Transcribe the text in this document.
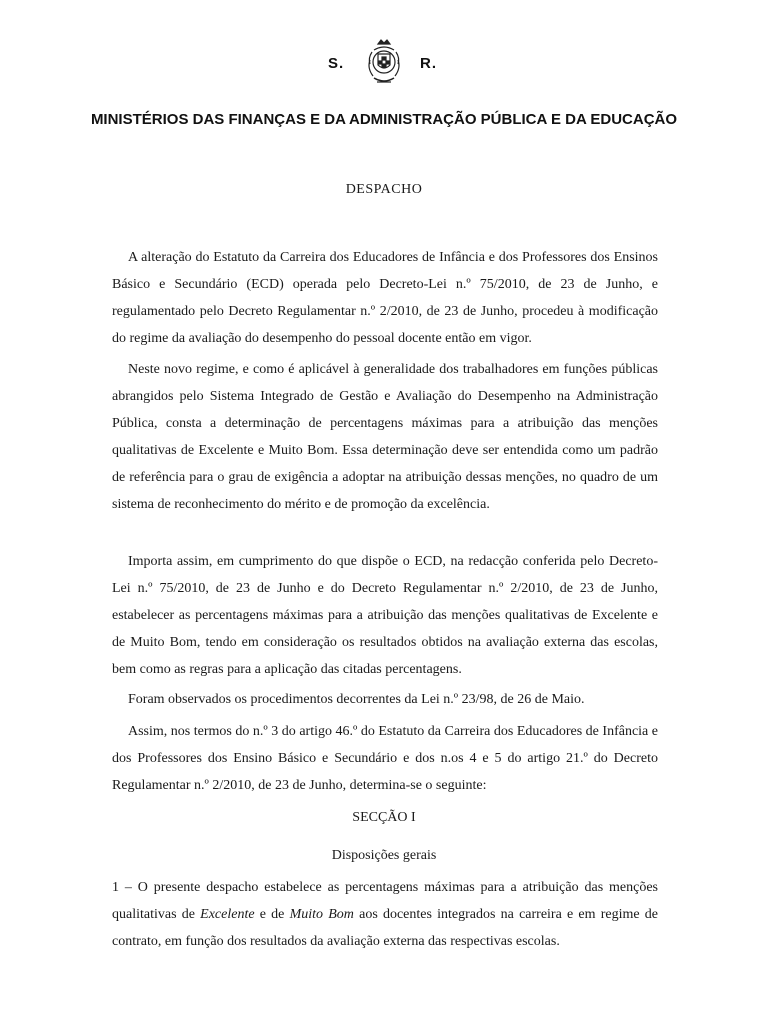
S.	R.
MINISTÉRIOS DAS FINANÇAS E DA ADMINISTRAÇÃO PÚBLICA E DA EDUCAÇÃO
DESPACHO

A alteração do Estatuto da Carreira dos Educadores de Infância e dos Professores dos Ensinos Básico e Secundário (ECD) operada pelo Decreto-Lei n.º 75/2010, de 23 de Junho, e regulamentado pelo Decreto Regulamentar n.º 2/2010, de 23 de Junho, procedeu à modificação do regime da avaliação do desempenho do pessoal docente então em vigor.

Neste novo regime, e como é aplicável à generalidade dos trabalhadores em funções públicas abrangidos pelo Sistema Integrado de Gestão e Avaliação do Desempenho na Administração Pública, consta a determinação de percentagens máximas para a atribuição das menções qualitativas de Excelente e Muito Bom. Essa determinação deve ser entendida como um padrão de referência para o grau de exigência a adoptar na atribuição dessas menções, no quadro de um sistema de reconhecimento do mérito e de promoção da excelência.

Importa assim, em cumprimento do que dispõe o ECD, na redacção conferida pelo Decreto-Lei n.º 75/2010, de 23 de Junho e do Decreto Regulamentar n.º 2/2010, de 23 de Junho, estabelecer as percentagens máximas para a atribuição das menções qualitativas de Excelente e de Muito Bom, tendo em consideração os resultados obtidos na avaliação externa das escolas, bem como as regras para a aplicação das citadas percentagens.

Foram observados os procedimentos decorrentes da Lei n.º 23/98, de 26 de Maio.

Assim, nos termos do n.º 3 do artigo 46.º do Estatuto da Carreira dos Educadores de Infância e dos Professores dos Ensino Básico e Secundário e dos n.os 4 e 5 do artigo 21.º do Decreto Regulamentar n.º 2/2010, de 23 de Junho, determina-se o seguinte:

SECÇÃO I
Disposições gerais

1 – O presente despacho estabelece as percentagens máximas para a atribuição das menções qualitativas de Excelente e de Muito Bom aos docentes integrados na carreira e em regime de contrato, em função dos resultados da avaliação externa das respectivas escolas.
